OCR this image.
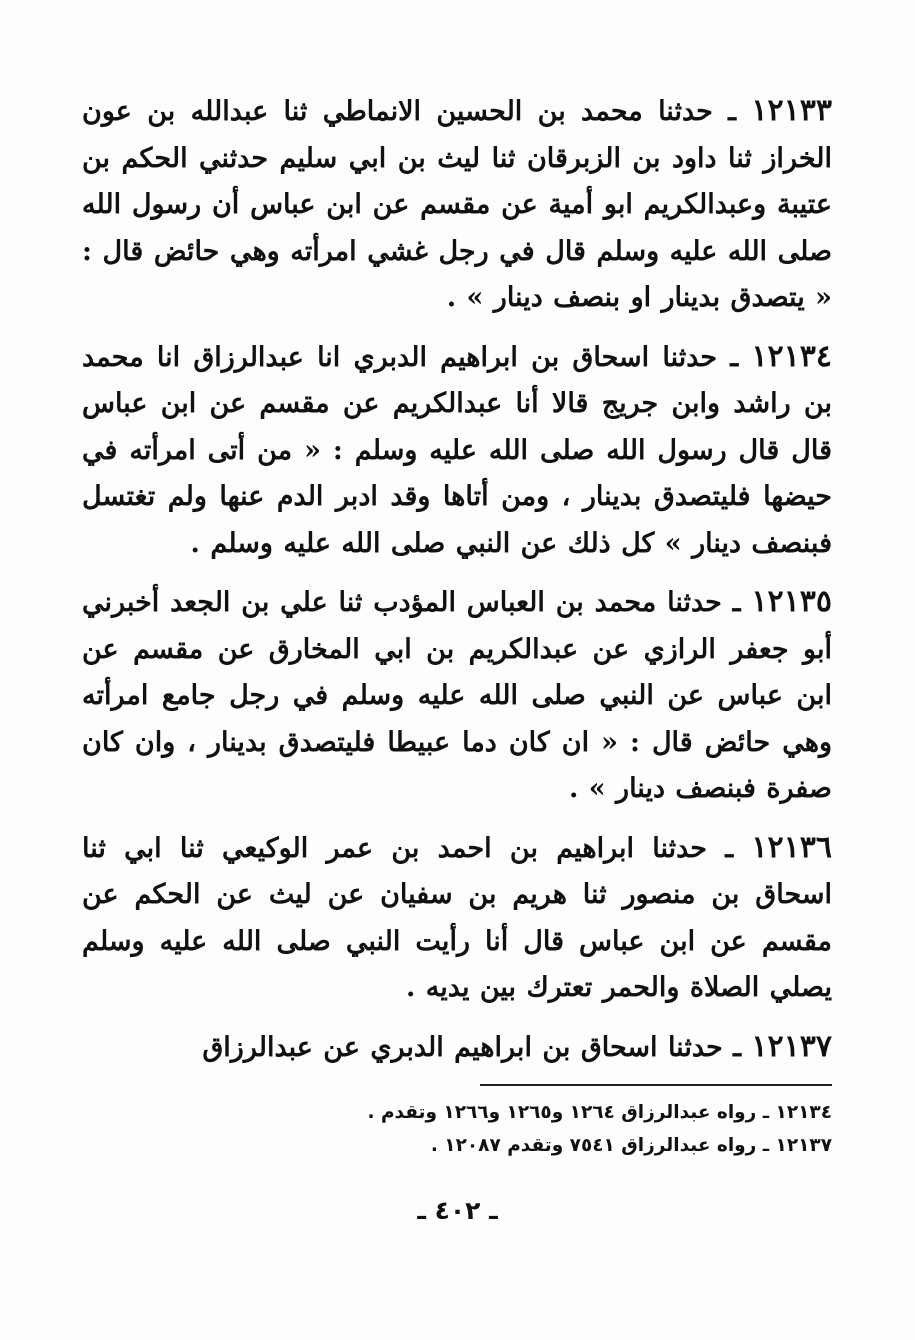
١٢١٣٣ ـ حدثنا محمد بن الحسين الانماطي ثنا عبدالله بن عون الخراز ثنا داود بن الزبرقان ثنا ليث بن ابي سليم حدثني الحكم بن عتيبة وعبدالكريم ابو أمية عن مقسم عن ابن عباس أن رسول الله صلى الله عليه وسلم قال في رجل غشي امرأته وهي حائض قال : « يتصدق بدينار او بنصف دينار » .

١٢١٣٤ ـ حدثنا اسحاق بن ابراهيم الدبري انا عبدالرزاق انا محمد بن راشد وابن جريج قالا أنا عبدالكريم عن مقسم عن ابن عباس قال قال رسول الله صلى الله عليه وسلم : « من أتى امرأته في حيضها فليتصدق بدينار ، ومن أتاها وقد ادبر الدم عنها ولم تغتسل فبنصف دينار » كل ذلك عن النبي صلى الله عليه وسلم .

١٢١٣٥ ـ حدثنا محمد بن العباس المؤدب ثنا علي بن الجعد أخبرني أبو جعفر الرازي عن عبدالكريم بن ابي المخارق عن مقسم عن ابن عباس عن النبي صلى الله عليه وسلم في رجل جامع امرأته وهي حائض قال : « ان كان دما عبيطا فليتصدق بدينار ، وان كان صفرة فبنصف دينار » .

١٢١٣٦ ـ حدثنا ابراهيم بن احمد بن عمر الوكيعي ثنا ابي ثنا اسحاق بن منصور ثنا هريم بن سفيان عن ليث عن الحكم عن مقسم عن ابن عباس قال أنا رأيت النبي صلى الله عليه وسلم يصلي الصلاة والحمر تعترك بين يديه .

١٢١٣٧ ـ حدثنا اسحاق بن ابراهيم الدبري عن عبدالرزاق

١٢١٣٤ ـ رواه عبدالرزاق ١٢٦٤ و١٢٦٥ و١٢٦٦ وتقدم .

١٢١٣٧ ـ رواه عبدالرزاق ٧٥٤١ وتقدم ١٢٠٨٧ .

ـ ٤٠٢ ـ
